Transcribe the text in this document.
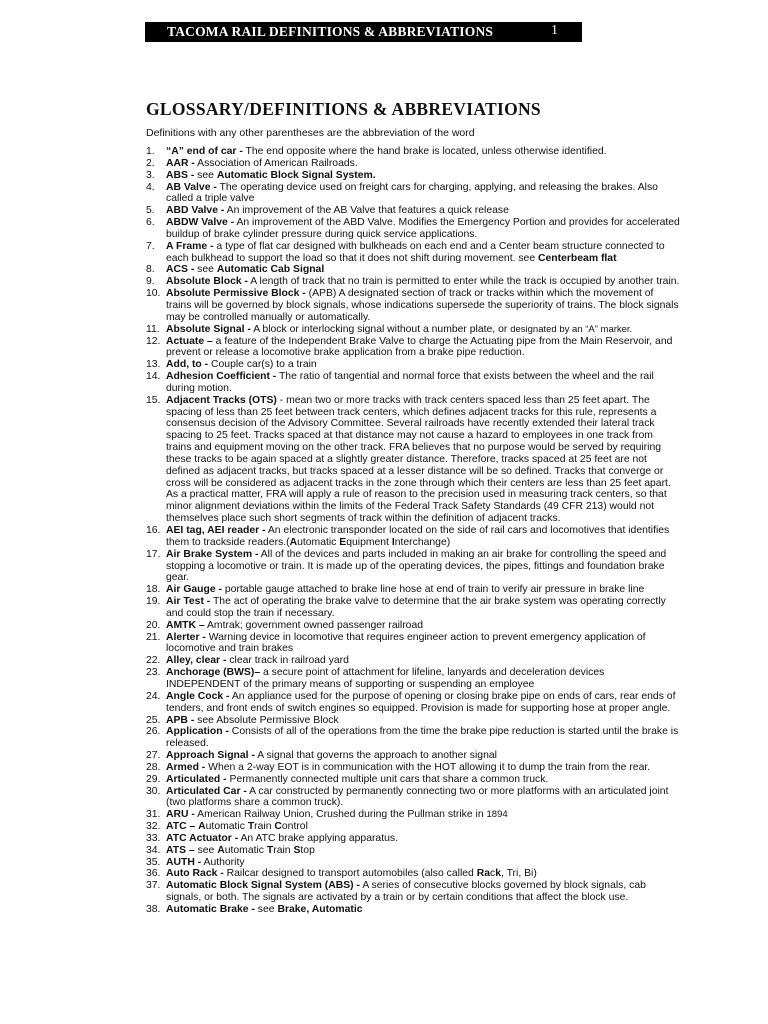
TACOMA RAIL DEFINITIONS & ABBREVIATIONS	1
GLOSSARY/DEFINITIONS & ABBREVIATIONS
Definitions with any other parentheses are the abbreviation of the word
1.	“A” end of car - The end opposite where the hand brake is located, unless otherwise identified.
2.	AAR - Association of American Railroads.
3.	ABS - see Automatic Block Signal System.
4.	AB Valve - The operating device used on freight cars for charging, applying, and releasing the brakes. Also called a triple valve
5.	ABD Valve - An improvement of the AB Valve that features a quick release
6.	ABDW Valve - An improvement of the ABD Valve. Modifies the Emergency Portion and provides for accelerated buildup of brake cylinder pressure during quick service applications.
7.	A Frame - a type of flat car designed with bulkheads on each end and a Center beam structure connected to each bulkhead to support the load so that it does not shift during movement. see Centerbeam flat
8.	ACS - see Automatic Cab Signal
9.	Absolute Block - A length of track that no train is permitted to enter while the track is occupied by another train.
10. Absolute Permissive Block - (APB) A designated section of track or tracks within which the movement of trains will be governed by block signals, whose indications supersede the superiority of trains. The block signals may be controlled manually or automatically.
11. Absolute Signal - A block or interlocking signal without a number plate, or designated by an “A” marker.
12. Actuate – a feature of the Independent Brake Valve to charge the Actuating pipe from the Main Reservoir, and prevent or release a locomotive brake application from a brake pipe reduction.
13. Add, to - Couple car(s) to a train
14. Adhesion Coefficient - The ratio of tangential and normal force that exists between the wheel and the rail during motion.
15. Adjacent Tracks (OTS) - mean two or more tracks with track centers spaced less than 25 feet apart. The spacing of less than 25 feet between track centers, which defines adjacent tracks for this rule, represents a consensus decision of the Advisory Committee. Several railroads have recently extended their lateral track spacing to 25 feet. Tracks spaced at that distance may not cause a hazard to employees in one track from trains and equipment moving on the other track. FRA believes that no purpose would be served by requiring these tracks to be again spaced at a slightly greater distance. Therefore, tracks spaced at 25 feet are not defined as adjacent tracks, but tracks spaced at a lesser distance will be so defined. Tracks that converge or cross will be considered as adjacent tracks in the zone through which their centers are less than 25 feet apart.
As a practical matter, FRA will apply a rule of reason to the precision used in measuring track centers, so that minor alignment deviations within the limits of the Federal Track Safety Standards (49 CFR 213) would not themselves place such short segments of track within the definition of adjacent tracks.
16. AEI tag, AEI reader - An electronic transponder located on the side of rail cars and locomotives that identifies them to trackside readers.(Automatic Equipment Interchange)
17. Air Brake System - All of the devices and parts included in making an air brake for controlling the speed and stopping a locomotive or train. It is made up of the operating devices, the pipes, fittings and foundation brake gear.
18. Air Gauge - portable gauge attached to brake line hose at end of train to verify air pressure in brake line
19. Air Test - The act of operating the brake valve to determine that the air brake system was operating correctly and could stop the train if necessary.
20. AMTK – Amtrak; government owned passenger railroad
21. Alerter - Warning device in locomotive that requires engineer action to prevent emergency application of locomotive and train brakes
22. Alley, clear - clear track in railroad yard
23. Anchorage (BWS)– a secure point of attachment for lifeline, lanyards and deceleration devices INDEPENDENT of the primary means of supporting or suspending an employee
24. Angle Cock - An appliance used for the purpose of opening or closing brake pipe on ends of cars, rear ends of tenders, and front ends of switch engines so equipped. Provision is made for supporting hose at proper angle.
25. APB - see Absolute Permissive Block
26. Application - Consists of all of the operations from the time the brake pipe reduction is started until the brake is released.
27. Approach Signal - A signal that governs the approach to another signal
28. Armed - When a 2-way EOT is in communication with the HOT allowing it to dump the train from the rear.
29. Articulated - Permanently connected multiple unit cars that share a common truck.
30. Articulated Car - A car constructed by permanently connecting two or more platforms with an articulated joint (two platforms share a common truck).
31. ARU - American Railway Union, Crushed during the Pullman strike in 1894
32. ATC – Automatic Train Control
33. ATC Actuator - An ATC brake applying apparatus.
34. ATS – see Automatic Train Stop
35. AUTH - Authority
36. Auto Rack - Railcar designed to transport automobiles (also called Rack, Tri, Bi)
37. Automatic Block Signal System (ABS) - A series of consecutive blocks governed by block signals, cab signals, or both. The signals are activated by a train or by certain conditions that affect the block use.
38. Automatic Brake - see Brake, Automatic
